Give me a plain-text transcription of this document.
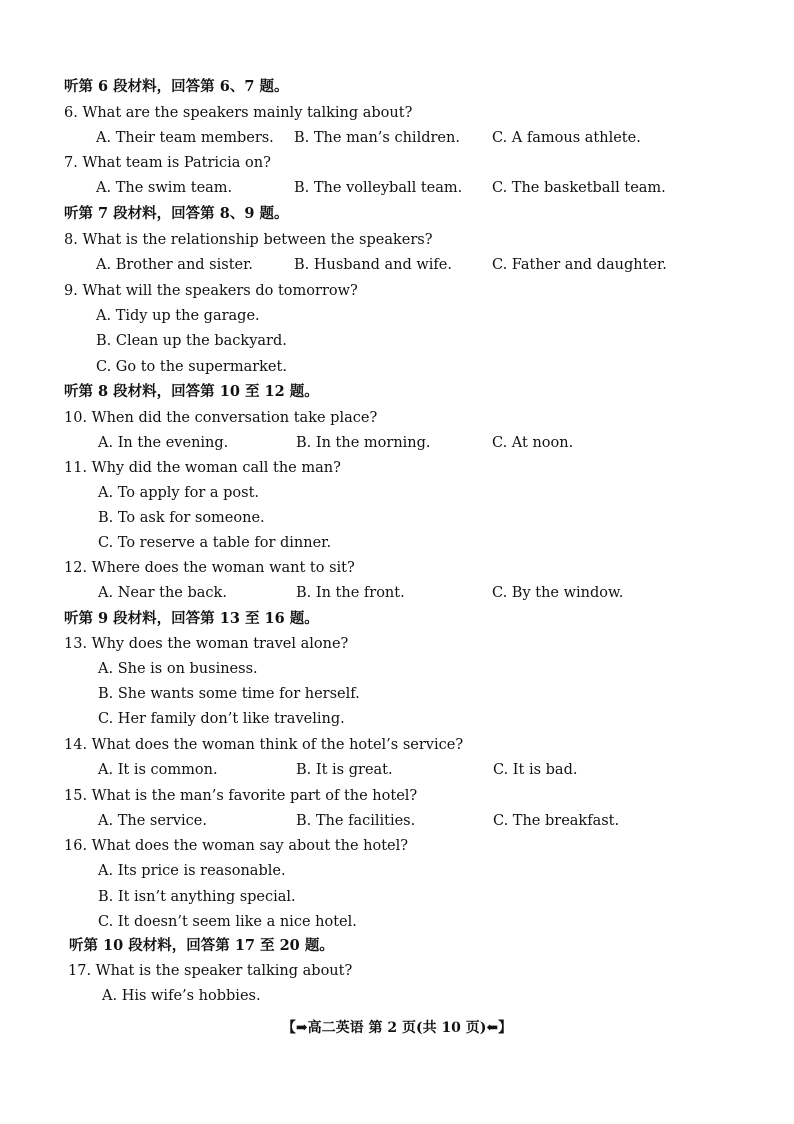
听第 6 段材料，回答第 6、7 题。
6. What are the speakers mainly talking about?
A. Their team members. B. The man’s children. C. A famous athlete.
7. What team is Patricia on?
A. The swim team.	B. The volleyball team. C. The basketball team.
听第 7 段材料，回答第 8、9 题。
8. What is the relationship between the speakers?
A. Brother and sister.	B. Husband and wife.	C. Father and daughter.
9. What will the speakers do tomorrow?
A. Tidy up the garage.
B. Clean up the backyard.
C. Go to the supermarket.
听第 8 段材料，回答第 10 至 12 题。
10. When did the conversation take place?
A. In the evening.	B. In the morning.	C. At noon.
11. Why did the woman call the man?
A. To apply for a post.
B. To ask for someone.
C. To reserve a table for dinner.
12. Where does the woman want to sit?
A. Near the back.	B. In the front.	C. By the window.
听第 9 段材料，回答第 13 至 16 题。
13. Why does the woman travel alone?
A. She is on business.
B. She wants some time for herself.
C. Her family don’t like traveling.
14. What does the woman think of the hotel’s service?
A. It is common.	B. It is great.	C. It is bad.
15. What is the man’s favorite part of the hotel?
A. The service.	B. The facilities.	C. The breakfast.
16. What does the woman say about the hotel?
A. Its price is reasonable.
B. It isn’t anything special.
C. It doesn’t seem like a nice hotel.
听第 10 段材料，回答第 17 至 20 题。
17. What is the speaker talking about?
A. His wife’s hobbies.
【➡高二英语 第 2 页(共 10 页)⬅】
